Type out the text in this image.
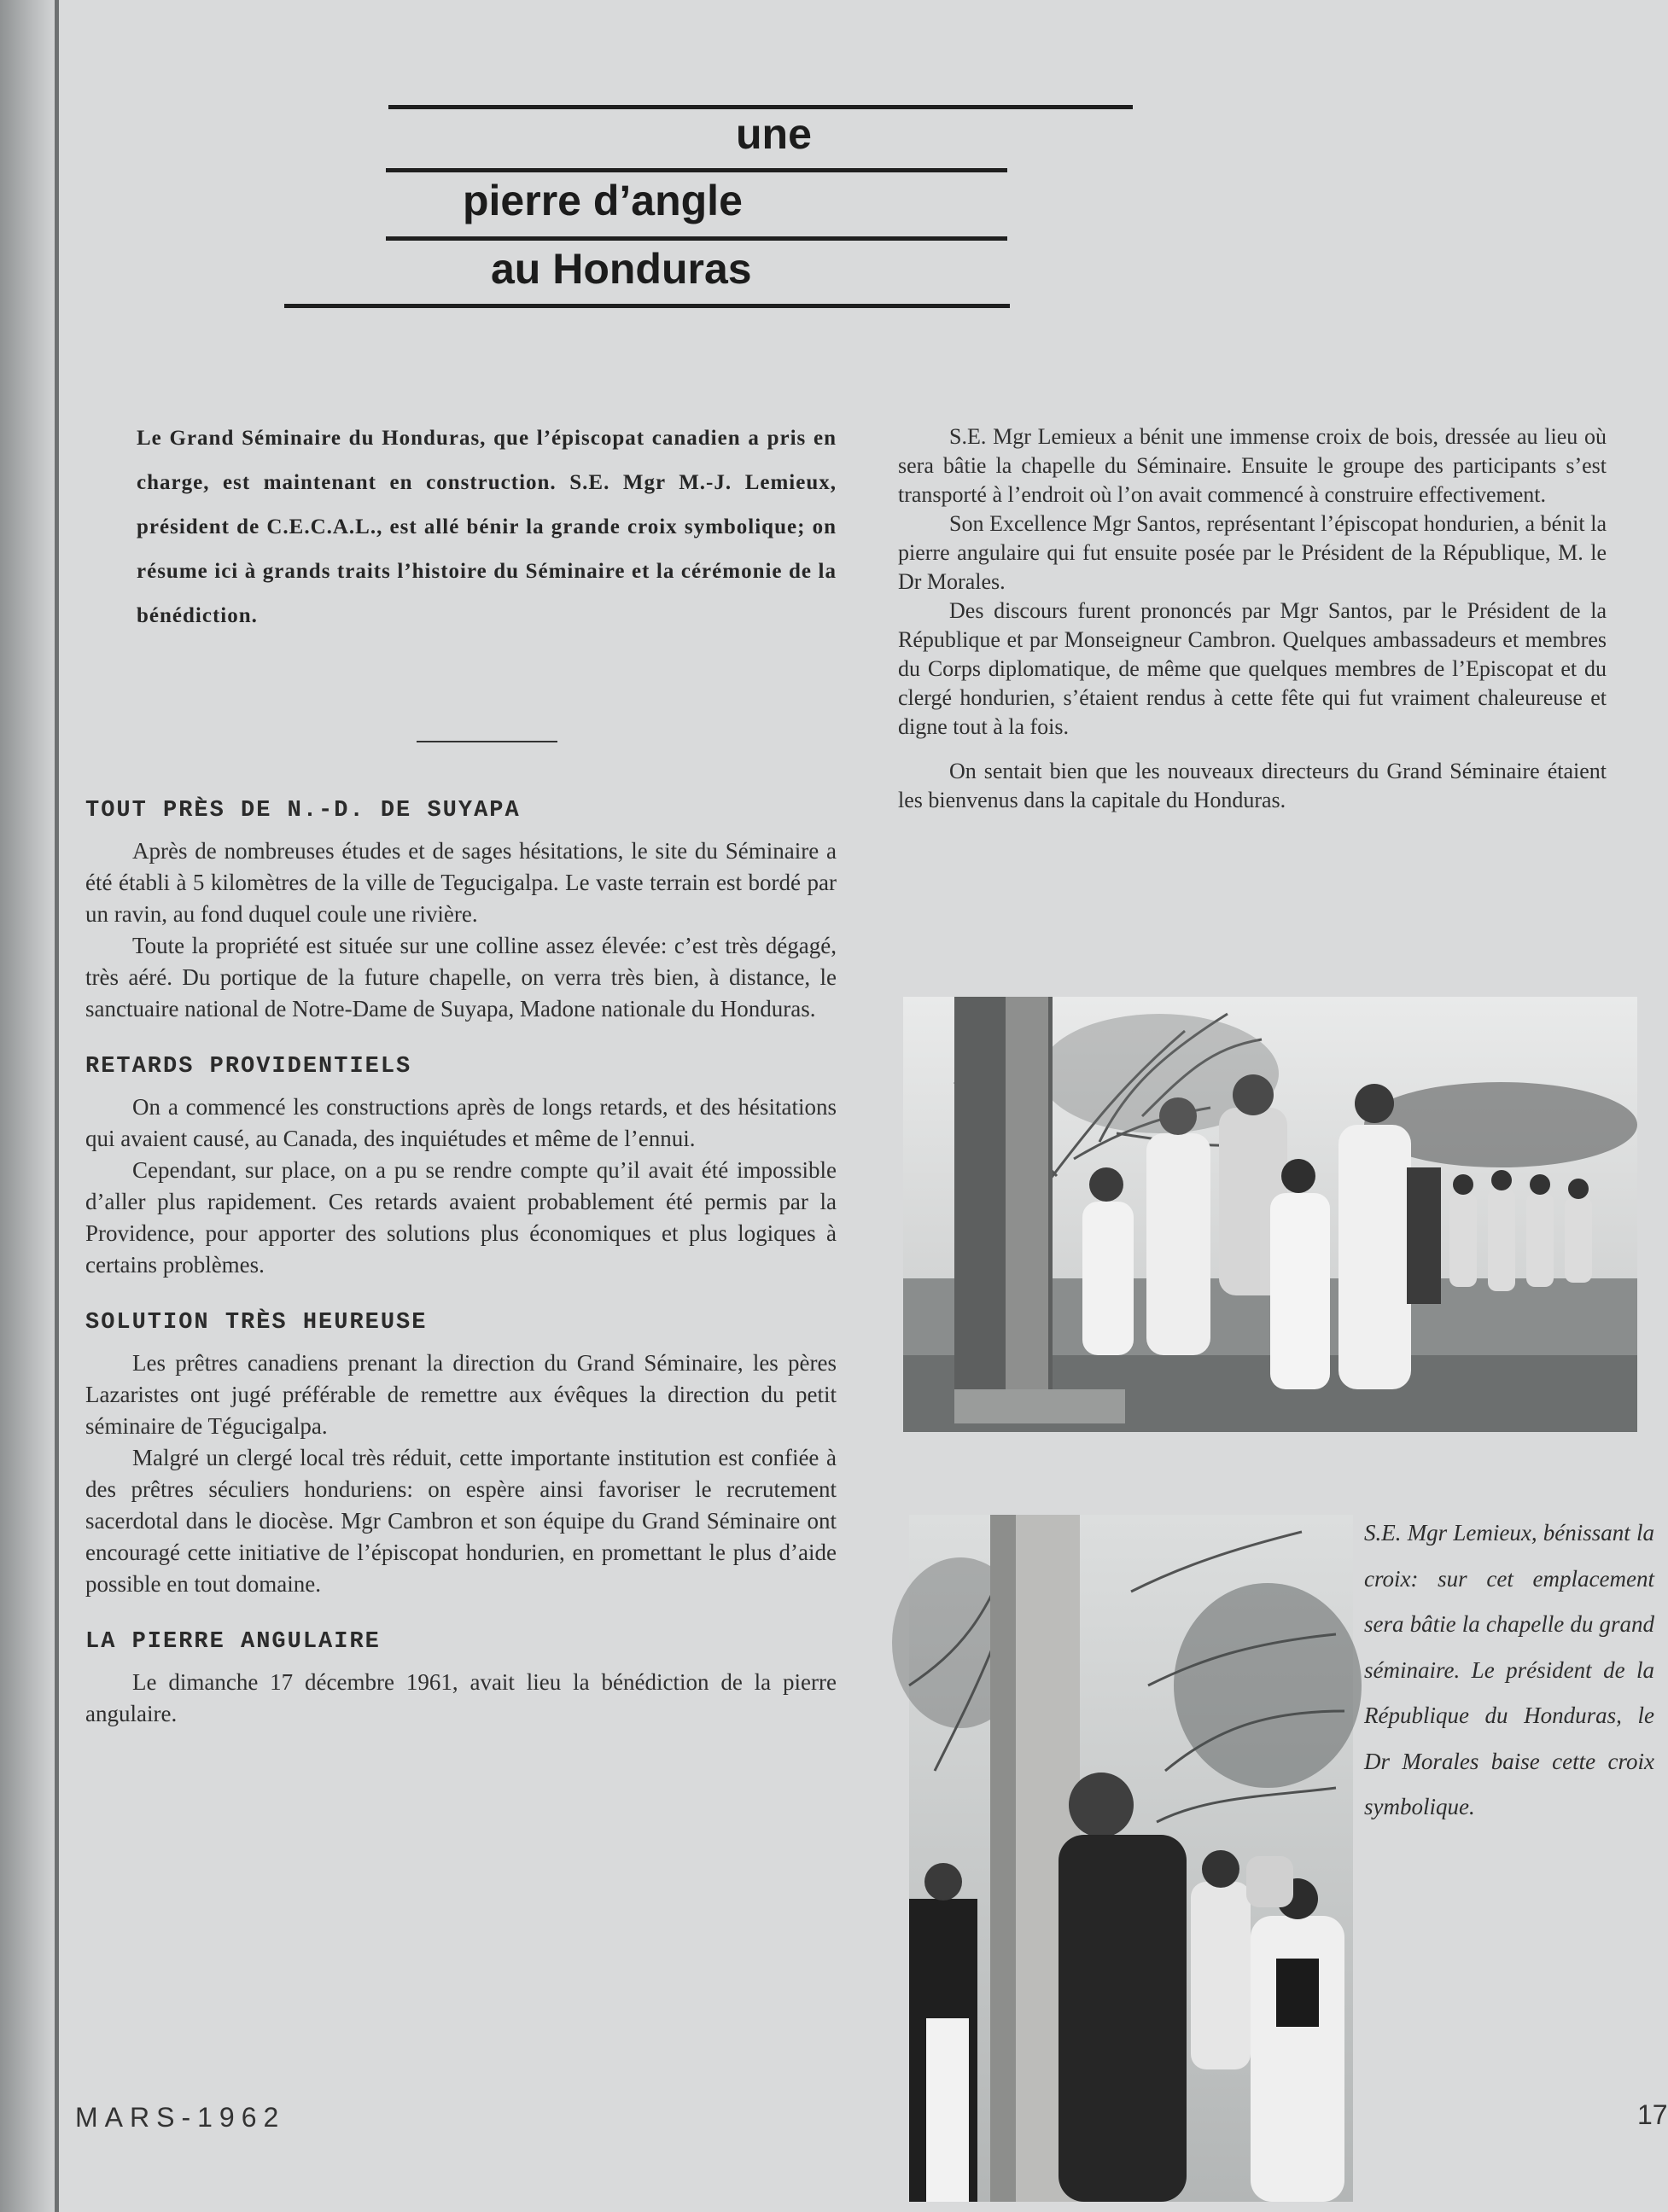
une
pierre d’angle
au Honduras
Le Grand Séminaire du Honduras, que l’épiscopat canadien a pris en charge, est maintenant en construction. S.E. Mgr M.-J. Lemieux, président de C.E.C.A.L., est allé bénir la grande croix symbolique; on résume ici à grands traits l’histoire du Séminaire et la cérémonie de la bénédiction.
TOUT PRÈS DE N.-D. DE SUYAPA

Après de nombreuses études et de sages hésitations, le site du Séminaire a été établi à 5 kilomètres de la ville de Tegucigalpa. Le vaste terrain est bordé par un ravin, au fond duquel coule une rivière.

Toute la propriété est située sur une colline assez élevée: c’est très dégagé, très aéré. Du portique de la future chapelle, on verra très bien, à distance, le sanctuaire national de Notre-Dame de Suyapa, Madone nationale du Honduras.

RETARDS PROVIDENTIELS

On a commencé les constructions après de longs retards, et des hésitations qui avaient causé, au Canada, des inquiétudes et même de l’ennui.

Cependant, sur place, on a pu se rendre compte qu’il avait été impossible d’aller plus rapidement. Ces retards avaient probablement été permis par la Providence, pour apporter des solutions plus économiques et plus logiques à certains problèmes.

SOLUTION TRÈS HEUREUSE

Les prêtres canadiens prenant la direction du Grand Séminaire, les pères Lazaristes ont jugé préférable de remettre aux évêques la direction du petit séminaire de Tégucigalpa.

Malgré un clergé local très réduit, cette importante institution est confiée à des prêtres séculiers honduriens: on espère ainsi favoriser le recrutement sacerdotal dans le diocèse. Mgr Cambron et son équipe du Grand Séminaire ont encouragé cette initiative de l’épiscopat hondurien, en promettant le plus d’aide possible en tout domaine.

LA PIERRE ANGULAIRE

Le dimanche 17 décembre 1961, avait lieu la bénédiction de la pierre angulaire.

S.E. Mgr Lemieux a bénit une immense croix de bois, dressée au lieu où sera bâtie la chapelle du Séminaire. Ensuite le groupe des participants s’est transporté à l’endroit où l’on avait commencé à construire effectivement.

Son Excellence Mgr Santos, représentant l’épiscopat hondurien, a bénit la pierre angulaire qui fut ensuite posée par le Président de la République, M. le Dr Morales.

Des discours furent prononcés par Mgr Santos, par le Président de la République et par Monseigneur Cambron. Quelques ambassadeurs et membres du Corps diplomatique, de même que quelques membres de l’Episcopat et du clergé hondurien, s’étaient rendus à cette fête qui fut vraiment chaleureuse et digne tout à la fois.

On sentait bien que les nouveaux directeurs du Grand Séminaire étaient les bienvenus dans la capitale du Honduras.

S.E. Mgr Lemieux, bénissant la croix: sur cet emplacement sera bâtie la chapelle du grand séminaire. Le président de la République du Honduras, le Dr Morales baise cette croix symbolique.
MARS-1962	17
